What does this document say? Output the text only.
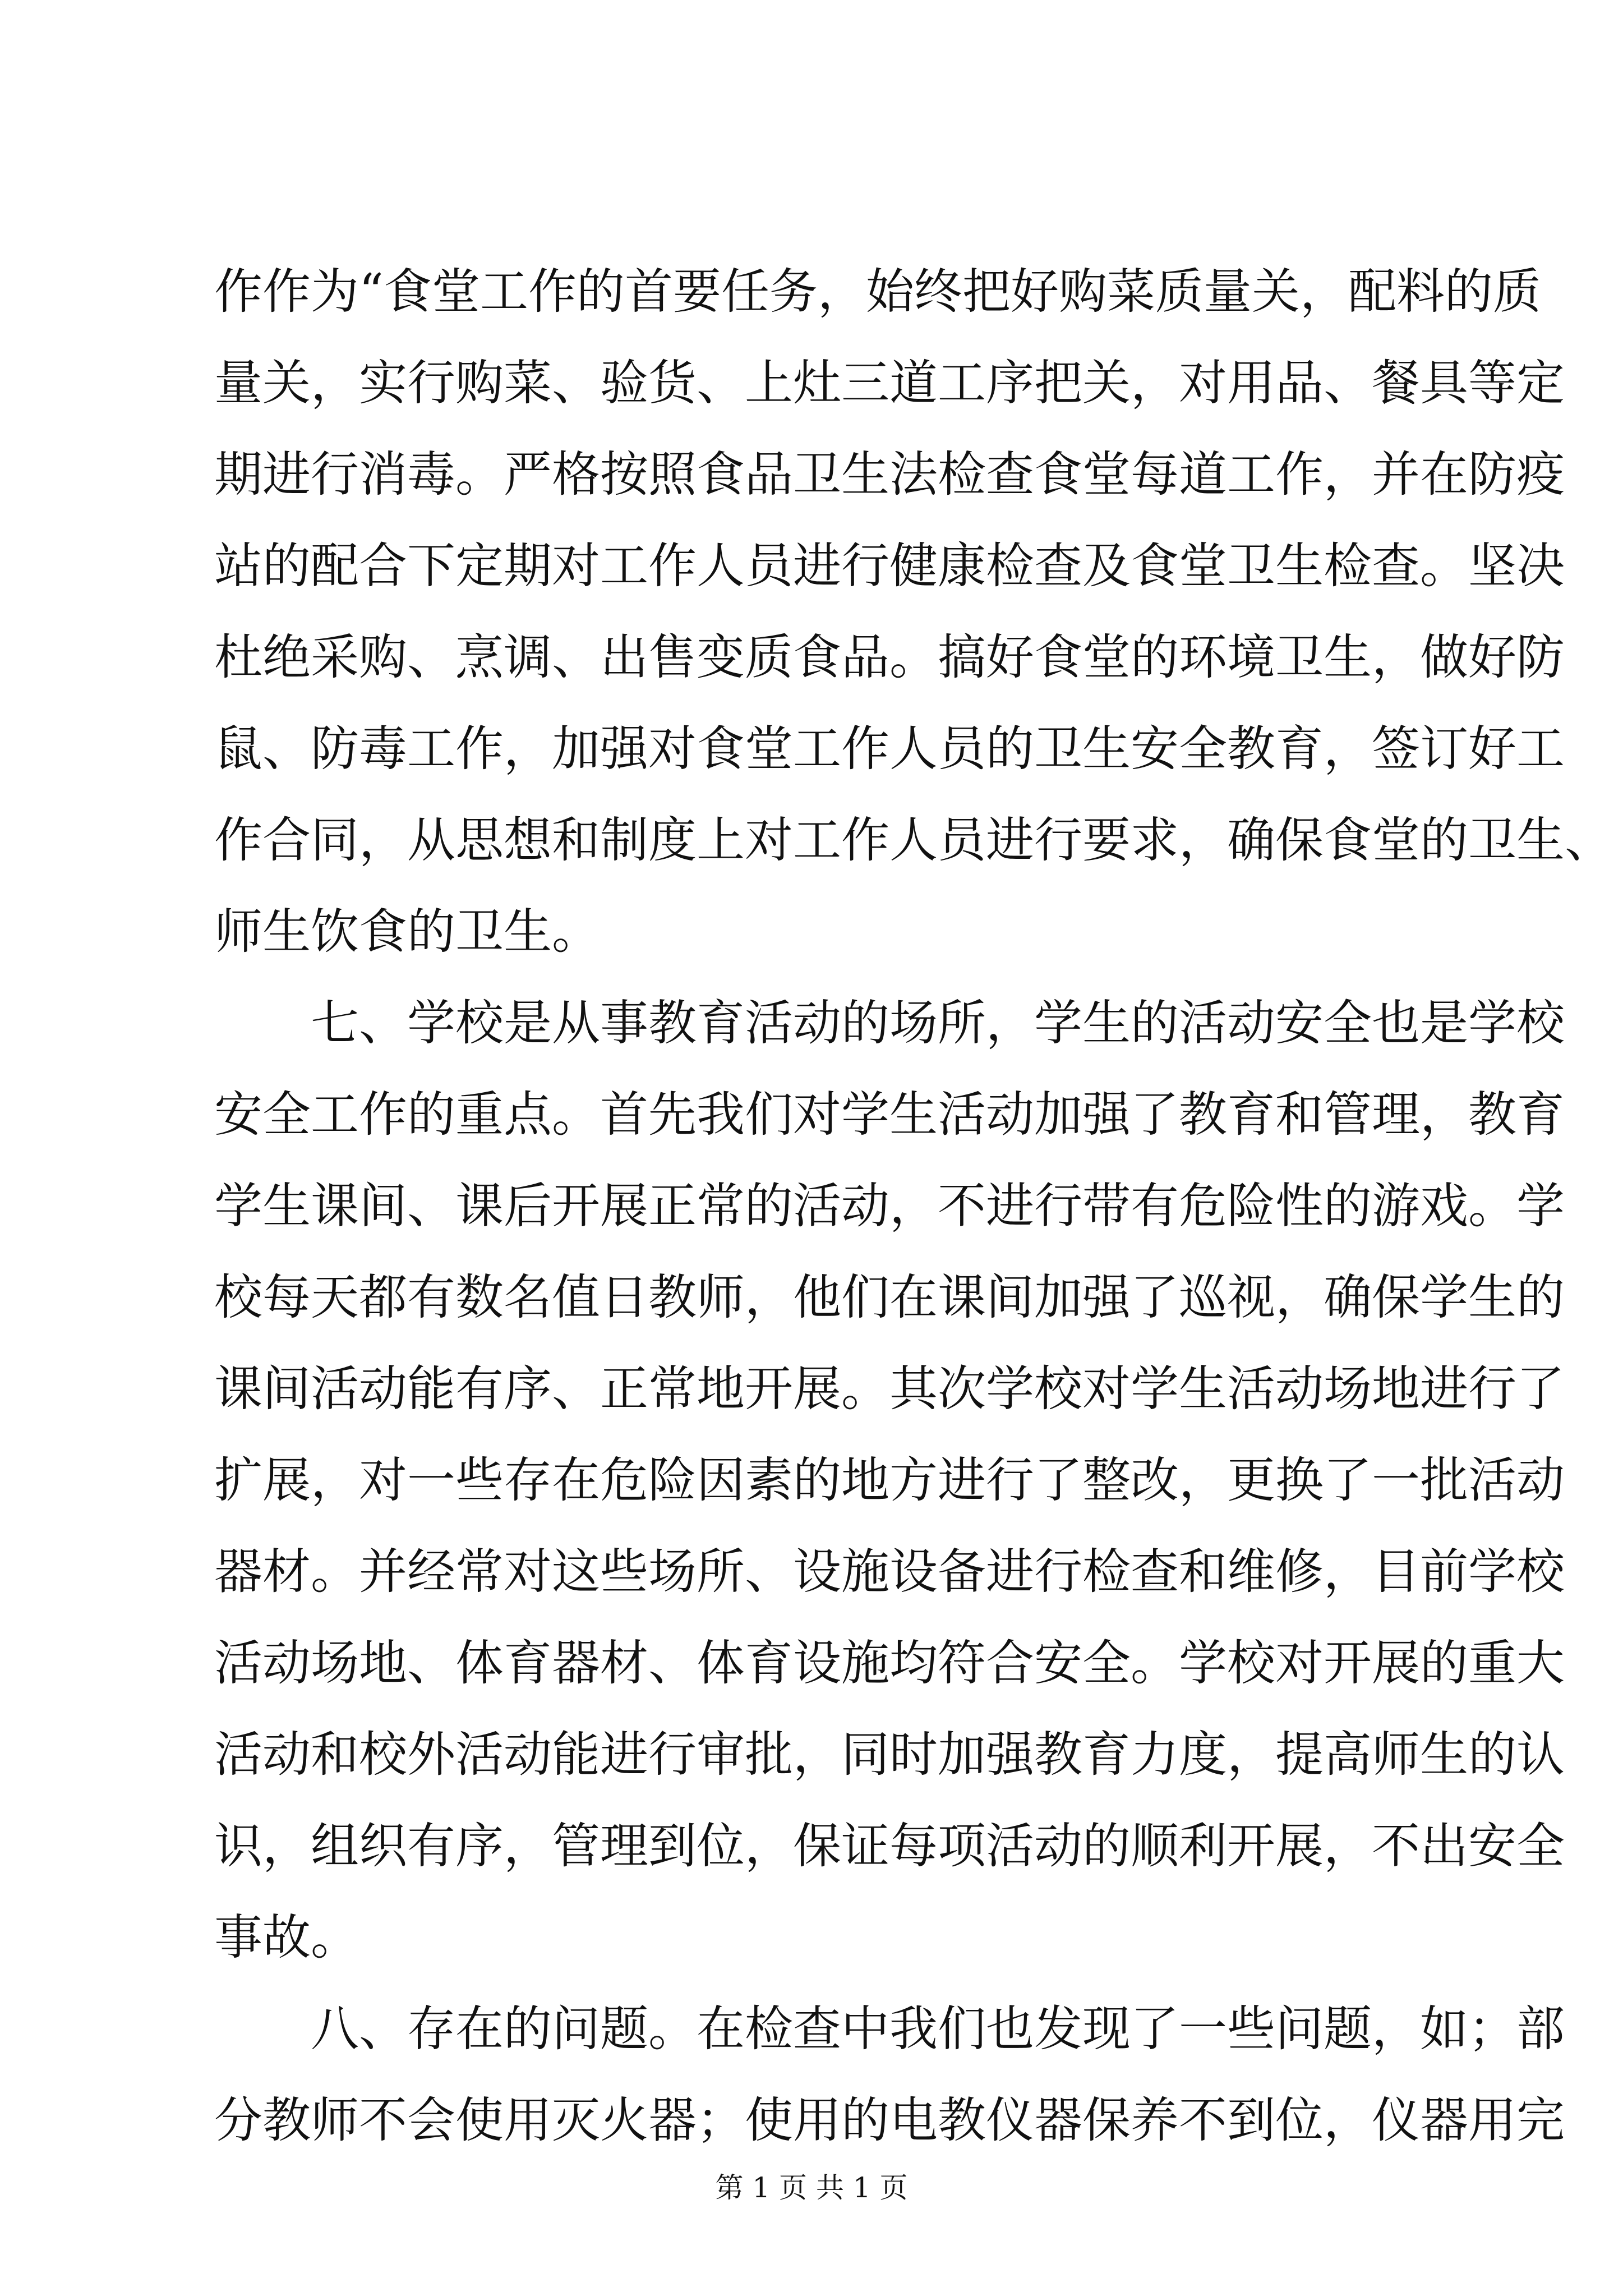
作作为“食堂工作的首要任务，始终把好购菜质量关，配料的质
量关，实行购菜、验货、上灶三道工序把关，对用品、餐具等定
期进行消毒。严格按照食品卫生法检查食堂每道工作，并在防疫
站的配合下定期对工作人员进行健康检查及食堂卫生检查。坚决
杜绝采购、烹调、出售变质食品。搞好食堂的环境卫生，做好防
鼠、防毒工作，加强对食堂工作人员的卫生安全教育，签订好工
作合同，从思想和制度上对工作人员进行要求，确保食堂的卫生、
师生饮食的卫生。
七、学校是从事教育活动的场所，学生的活动安全也是学校
安全工作的重点。首先我们对学生活动加强了教育和管理，教育
学生课间、课后开展正常的活动，不进行带有危险性的游戏。学
校每天都有数名值日教师，他们在课间加强了巡视，确保学生的
课间活动能有序、正常地开展。其次学校对学生活动场地进行了
扩展，对一些存在危险因素的地方进行了整改，更换了一批活动
器材。并经常对这些场所、设施设备进行检查和维修，目前学校
活动场地、体育器材、体育设施均符合安全。学校对开展的重大
活动和校外活动能进行审批，同时加强教育力度，提高师生的认
识，组织有序，管理到位，保证每项活动的顺利开展，不出安全
事故。
八、存在的问题。在检查中我们也发现了一些问题，如；部
分教师不会使用灭火器；使用的电教仪器保养不到位，仪器用完
第 1 页 共 1 页
